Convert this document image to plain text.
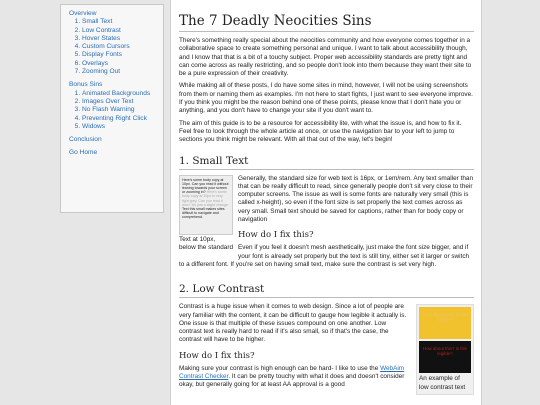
Overview
1. Small Text
2. Low Contrast
3. Hover States
4. Custom Cursors
5. Display Fonts
6. Overlays
7. Zooming Out
Bonus Sins
1. Animated Backgrounds
2. Images Over Text
3. No Flash Warning
4. Preventing Right Click
5. Widows
Conclusion
Go Home
The 7 Deadly Neocities Sins

There's something really special about the neocities community and how everyone comes together in a collaborative space to create something personal and unique. I want to talk about accessibility though, and I know that that is a bit of a touchy subject. Proper web accessibility standards are pretty tight and can come across as really restricting, and so people don't look into them because they want their site to be a pure expression of their creativity.

While making all of these posts, I do have some sites in mind, however, I will not be using screenshots from them or naming them as examples. I'm not here to start fights, I just want to see everyone improve. If you think you might be the reason behind one of these points, please know that I don't hate you or anything, and you don't have to change your site if you don't want to.

The aim of this guide is to be a resource for accessibility lite, with what the issue is, and how to fix it. Feel free to look through the whole article at once, or use the navigation bar to your left to jump to sections you think might be relevant. With all that out of the way, let's begin!

1. Small Text
Here's some body copy at 10px. Can you read it without leaning towards your screen or zooming in? Here's some body copy at 10px in very light grey. Can you read it now? It's just a slight change. Text this small makes sites difficult to navigate and comprehend.
Text at 10px, below the standard

Generally, the standard size for web text is 16px, or 1em/rem. Any text smaller than that can be really difficult to read, since generally people don't sit very close to their computer screens. The issue as well is some fonts are naturally very small (this is called x-height), so even if the font size is set properly the text comes across as very small. Small text should be saved for captions, rather than for body copy or navigation

How do I fix this?

Even if you feel it doesn't mesh aesthetically, just make the font size bigger, and if your font is already set properly but the text is still tiny, either set it larger or switch to a different font. If you're set on having small text, make sure the contrast is set very high.

2. Low Contrast
How about this? Is this legible?
How about this? Is this legible?
An example of low contrast text

Contrast is a huge issue when it comes to web design. Since a lot of people are very familiar with the content, it can be difficult to gauge how legible it actually is. One issue is that multiple of these issues compound on one another. Low contrast text is really hard to read if it's also small, so if that's the case, the contrast will have to be higher.

How do I fix this?

Making sure your contrast is high enough can be hard- I like to use the WebAim Contrast Checker. It can be pretty touchy with what it does and doesn't consider okay, but generally going for at least AA approval is a good
